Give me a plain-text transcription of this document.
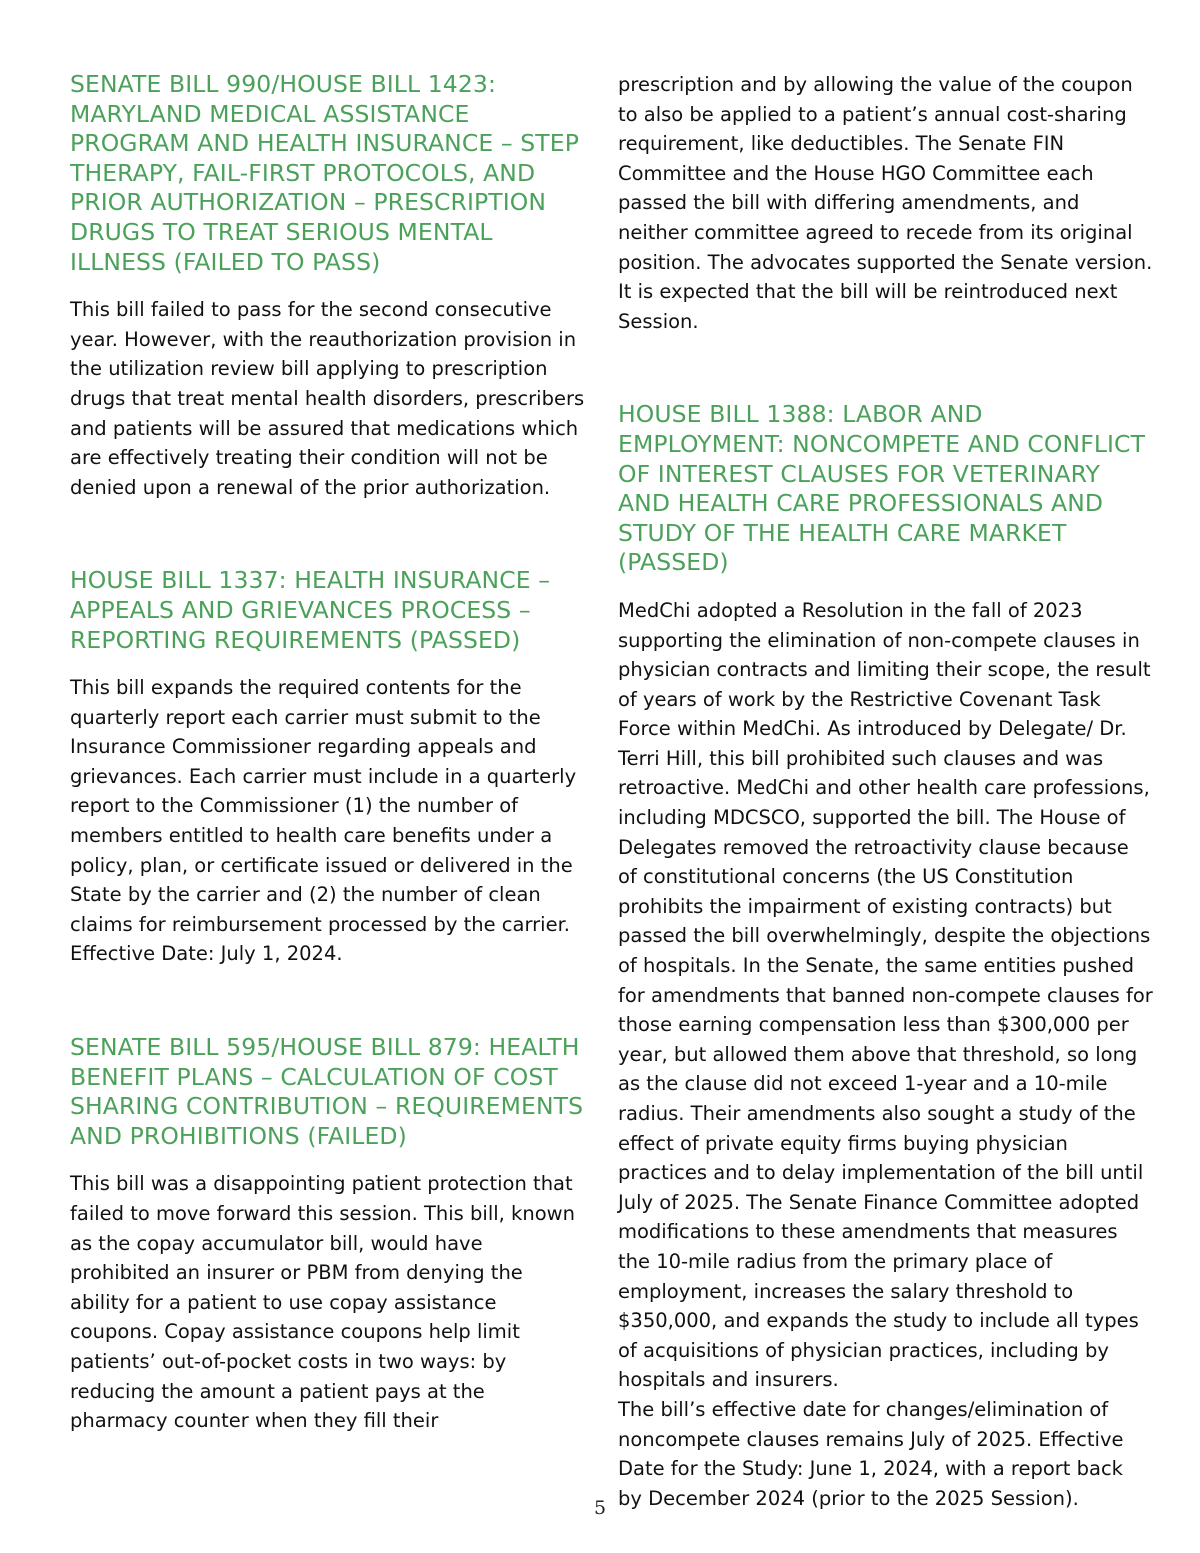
SENATE BILL 990/HOUSE BILL 1423: MARYLAND MEDICAL ASSISTANCE PROGRAM AND HEALTH INSURANCE – STEP THERAPY, FAIL-FIRST PROTOCOLS, AND PRIOR AUTHORIZATION – PRESCRIPTION DRUGS TO TREAT SERIOUS MENTAL ILLNESS (FAILED TO PASS)

This bill failed to pass for the second consecutive year. However, with the reauthorization provision in the utilization review bill applying to prescription drugs that treat mental health disorders, prescribers and patients will be assured that medications which are effectively treating their condition will not be denied upon a renewal of the prior authorization.

HOUSE BILL 1337: HEALTH INSURANCE – APPEALS AND GRIEVANCES PROCESS – REPORTING REQUIREMENTS (PASSED)

This bill expands the required contents for the quarterly report each carrier must submit to the Insurance Commissioner regarding appeals and grievances. Each carrier must include in a quarterly report to the Commissioner (1) the number of members entitled to health care benefits under a policy, plan, or certificate issued or delivered in the State by the carrier and (2) the number of clean claims for reimbursement processed by the carrier. Effective Date: July 1, 2024.

SENATE BILL 595/HOUSE BILL 879: HEALTH BENEFIT PLANS – CALCULATION OF COST SHARING CONTRIBUTION – REQUIREMENTS AND PROHIBITIONS (FAILED)

This bill was a disappointing patient protection that failed to move forward this session. This bill, known as the copay accumulator bill, would have prohibited an insurer or PBM from denying the ability for a patient to use copay assistance coupons. Copay assistance coupons help limit patients’ out-of-pocket costs in two ways: by reducing the amount a patient pays at the pharmacy counter when they fill their

prescription and by allowing the value of the coupon to also be applied to a patient’s annual cost-sharing requirement, like deductibles. The Senate FIN Committee and the House HGO Committee each passed the bill with differing amendments, and neither committee agreed to recede from its original position. The advocates supported the Senate version. It is expected that the bill will be reintroduced next Session.

HOUSE BILL 1388: LABOR AND EMPLOYMENT: NONCOMPETE AND CONFLICT OF INTEREST CLAUSES FOR VETERINARY AND HEALTH CARE PROFESSIONALS AND STUDY OF THE HEALTH CARE MARKET (PASSED)

MedChi adopted a Resolution in the fall of 2023 supporting the elimination of non-compete clauses in physician contracts and limiting their scope, the result of years of work by the Restrictive Covenant Task Force within MedChi. As introduced by Delegate/ Dr. Terri Hill, this bill prohibited such clauses and was retroactive. MedChi and other health care professions, including MDCSCO, supported the bill. The House of Delegates removed the retroactivity clause because of constitutional concerns (the US Constitution prohibits the impairment of existing contracts) but passed the bill overwhelmingly, despite the objections of hospitals. In the Senate, the same entities pushed for amendments that banned non-compete clauses for those earning compensation less than $300,000 per year, but allowed them above that threshold, so long as the clause did not exceed 1-year and a 10-mile radius. Their amendments also sought a study of the effect of private equity firms buying physician practices and to delay implementation of the bill until July of 2025. The Senate Finance Committee adopted modifications to these amendments that measures the 10-mile radius from the primary place of employment, increases the salary threshold to $350,000, and expands the study to include all types of acquisitions of physician practices, including by hospitals and insurers.

The bill’s effective date for changes/elimination of noncompete clauses remains July of 2025. Effective Date for the Study: June 1, 2024, with a report back by December 2024 (prior to the 2025 Session).

5
